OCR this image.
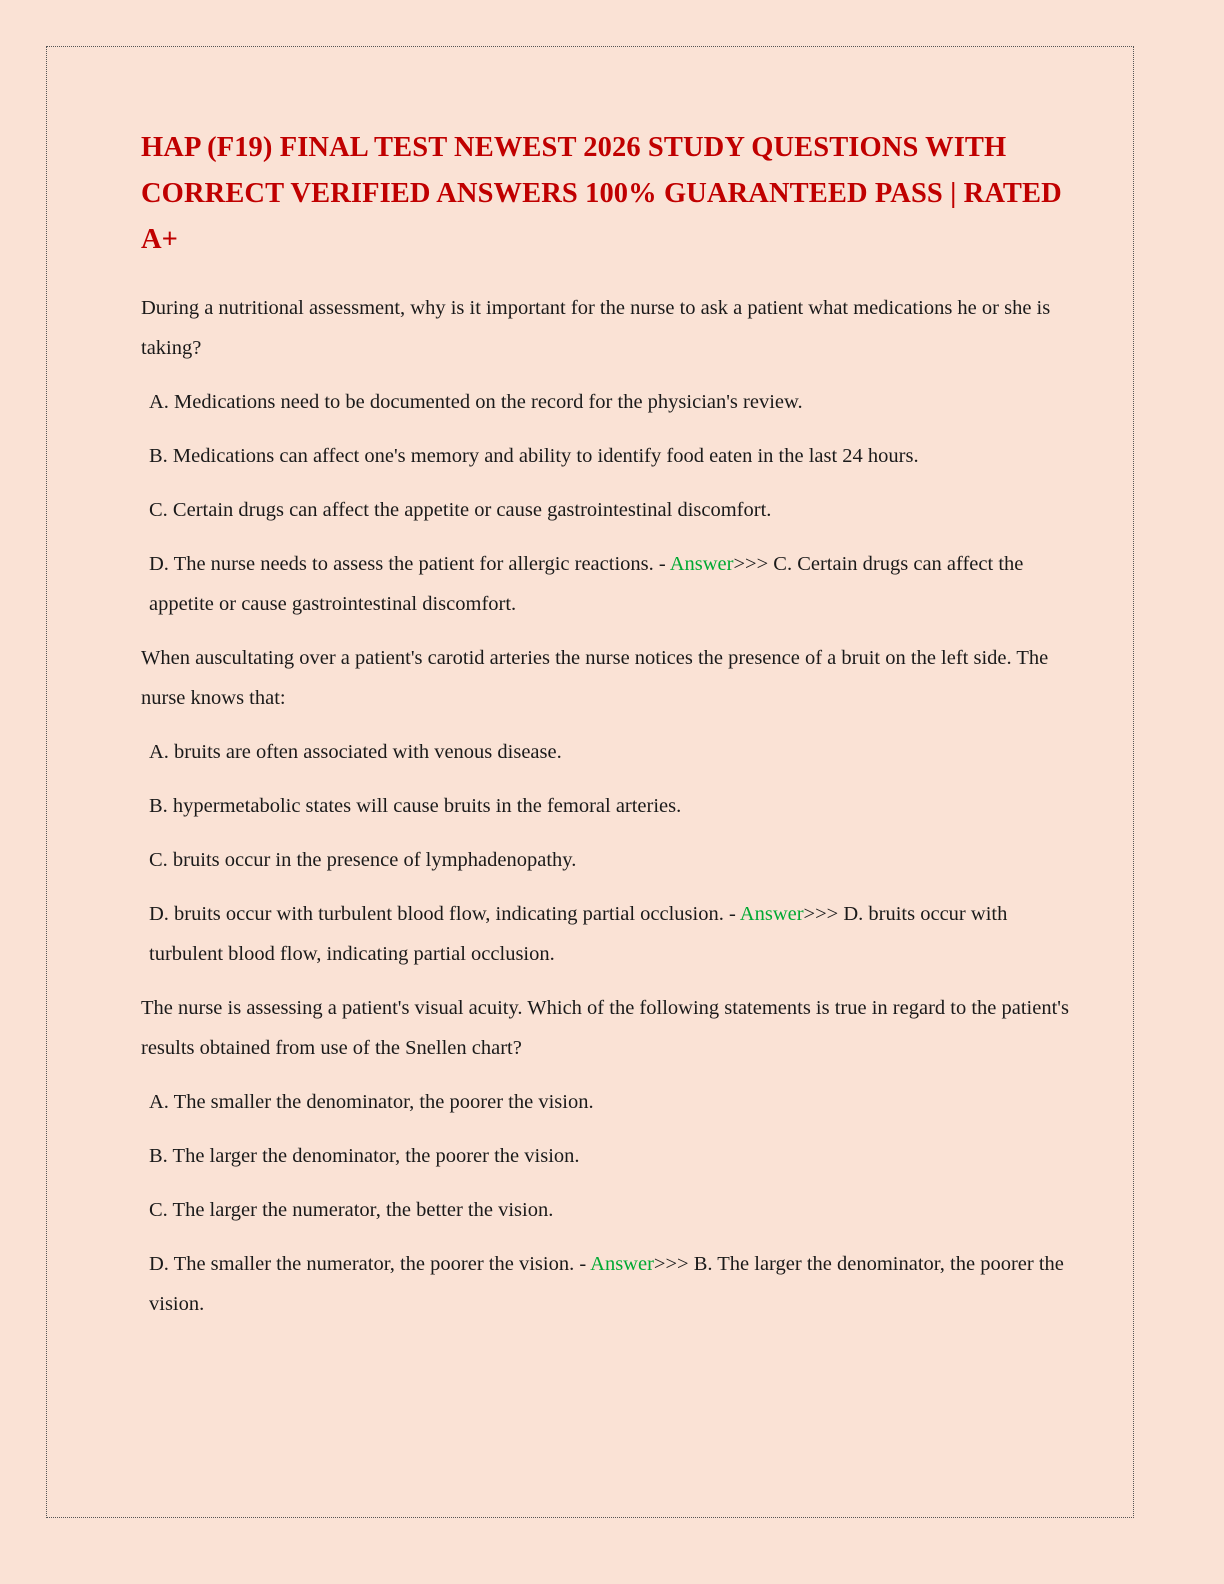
HAP (F19) FINAL TEST NEWEST 2026 STUDY QUESTIONS WITH CORRECT VERIFIED ANSWERS 100% GUARANTEED PASS | RATED A+

During a nutritional assessment, why is it important for the nurse to ask a patient what medications he or she is taking?

A. Medications need to be documented on the record for the physician's review.

B. Medications can affect one's memory and ability to identify food eaten in the last 24 hours.

C. Certain drugs can affect the appetite or cause gastrointestinal discomfort.

D. The nurse needs to assess the patient for allergic reactions. - Answer>>> C. Certain drugs can affect the appetite or cause gastrointestinal discomfort.

When auscultating over a patient's carotid arteries the nurse notices the presence of a bruit on the left side. The nurse knows that:

A. bruits are often associated with venous disease.

B. hypermetabolic states will cause bruits in the femoral arteries.

C. bruits occur in the presence of lymphadenopathy.

D. bruits occur with turbulent blood flow, indicating partial occlusion. - Answer>>> D. bruits occur with turbulent blood flow, indicating partial occlusion.

The nurse is assessing a patient's visual acuity. Which of the following statements is true in regard to the patient's results obtained from use of the Snellen chart?

A. The smaller the denominator, the poorer the vision.

B. The larger the denominator, the poorer the vision.

C. The larger the numerator, the better the vision.

D. The smaller the numerator, the poorer the vision. - Answer>>> B. The larger the denominator, the poorer the vision.
